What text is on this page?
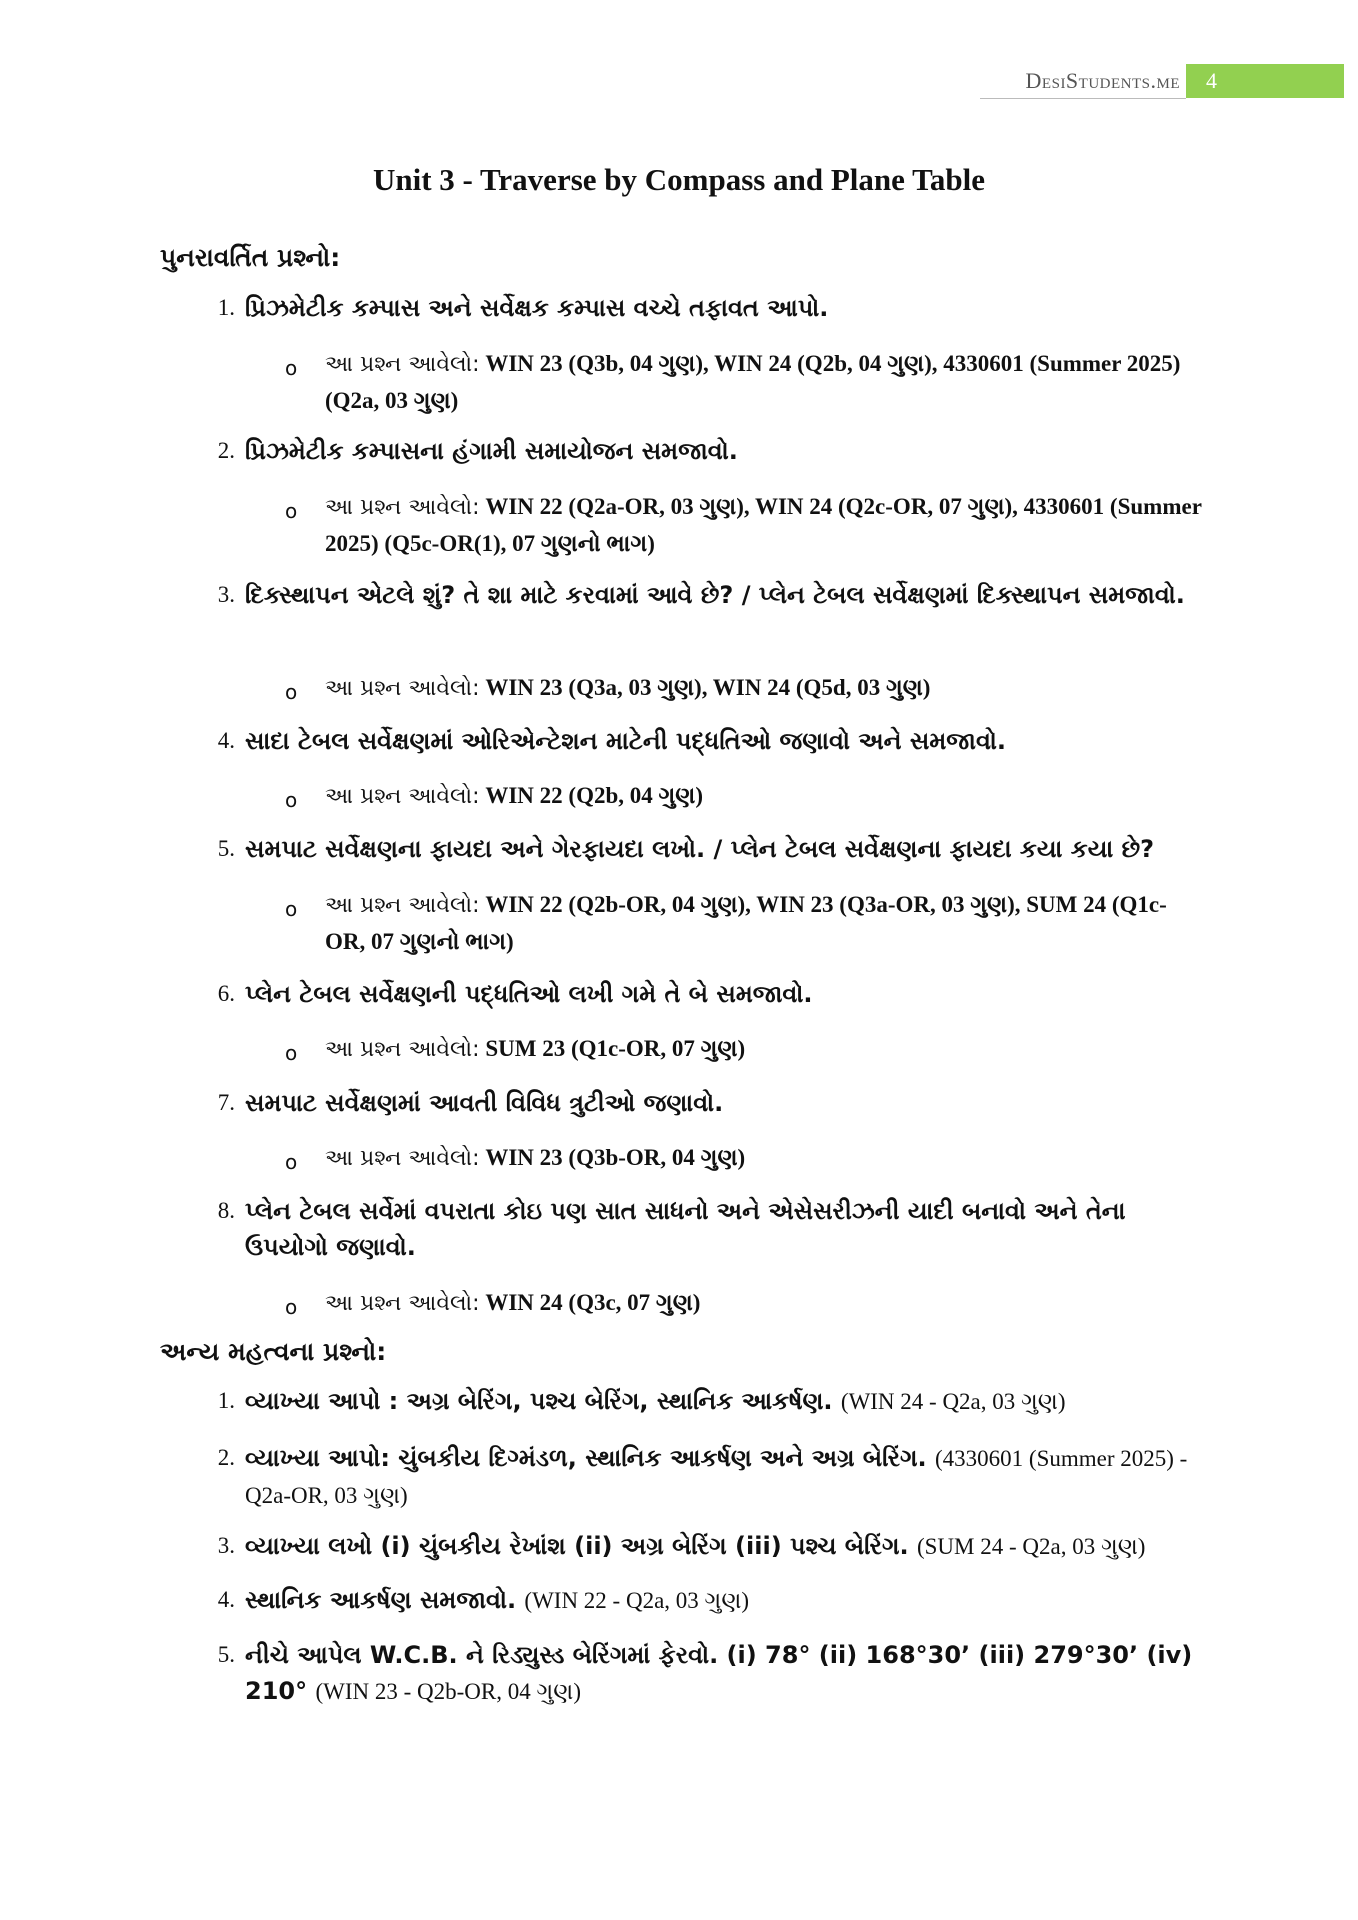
DesiStudents.me	4
Unit 3 - Traverse by Compass and Plane Table
પુનરાવર્તિત પ્રશ્નો:
1. પ્રિઝમેટીક કમ્પાસ અને સર્વેક્ષક કમ્પાસ વચ્ચે તફાવત આપો.
o આ પ્રશ્ન આવેલો: WIN 23 (Q3b, 04 ગુણ), WIN 24 (Q2b, 04 ગુણ), 4330601 (Summer 2025) (Q2a, 03 ગુણ)
2. પ્રિઝમેટીક કમ્પાસના હંગામી સમાયોજન સમજાવો.
o આ પ્રશ્ન આવેલો: WIN 22 (Q2a-OR, 03 ગુણ), WIN 24 (Q2c-OR, 07 ગુણ), 4330601 (Summer 2025) (Q5c-OR(1), 07 ગુણનો ભાગ)
3. દિક્સ્થાપન એટલે શું? તે શા માટે કરવામાં આવે છે? / પ્લેન ટેબલ સર્વેક્ષણમાં દિક્સ્થાપન સમજાવો.
o આ પ્રશ્ન આવેલો: WIN 23 (Q3a, 03 ગુણ), WIN 24 (Q5d, 03 ગુણ)
4. સાદા ટેબલ સર્વેક્ષણમાં ઓરિએન્ટેશન માટેની પદ્ધતિઓ જણાવો અને સમજાવો.
o આ પ્રશ્ન આવેલો: WIN 22 (Q2b, 04 ગુણ)
5. સમપાટ સર્વેક્ષણના ફાયદા અને ગેરફાયદા લખો. / પ્લેન ટેબલ સર્વેક્ષણના ફાયદા કયા કયા છે?
o આ પ્રશ્ન આવેલો: WIN 22 (Q2b-OR, 04 ગુણ), WIN 23 (Q3a-OR, 03 ગુણ), SUM 24 (Q1c-OR, 07 ગુણનો ભાગ)
6. પ્લેન ટેબલ સર્વેક્ષણની પદ્ધતિઓ લખી ગમે તે બે સમજાવો.
o આ પ્રશ્ન આવેલો: SUM 23 (Q1c-OR, 07 ગુણ)
7. સમપાટ સર્વેક્ષણમાં આવતી વિવિધ ત્રુટીઓ જણાવો.
o આ પ્રશ્ન આવેલો: WIN 23 (Q3b-OR, 04 ગુણ)
8. પ્લેન ટેબલ સર્વેમાં વપરાતા કોઇ પણ સાત સાધનો અને એસેસરીઝની યાદી બનાવો અને તેના ઉપયોગો જણાવો.
o આ પ્રશ્ન આવેલો: WIN 24 (Q3c, 07 ગુણ)
અન્ય મહત્વના પ્રશ્નો:
1. વ્યાખ્યા આપો : અગ્ર બેરિંગ, પશ્ચ બેરિંગ, સ્થાનિક આકર્ષણ. (WIN 24 - Q2a, 03 ગુણ)
2. વ્યાખ્યા આપો: ચુંબકીય દિગ્મંડળ, સ્થાનિક આકર્ષણ અને અગ્ર બેરિંગ. (4330601 (Summer 2025) - Q2a-OR, 03 ગુણ)
3. વ્યાખ્યા લખો (i) ચુંબકીય રેખાંશ (ii) અગ્ર બેરિંગ (iii) પશ્ચ બેરિંગ. (SUM 24 - Q2a, 03 ગુણ)
4. સ્થાનિક આકર્ષણ સમજાવો. (WIN 22 - Q2a, 03 ગુણ)
5. નીચે આપેલ W.C.B. ને રિડ્યુસ્ડ બેરિંગમાં ફેરવો. (i) 78° (ii) 168°30’ (iii) 279°30’ (iv) 210° (WIN 23 - Q2b-OR, 04 ગુણ)
